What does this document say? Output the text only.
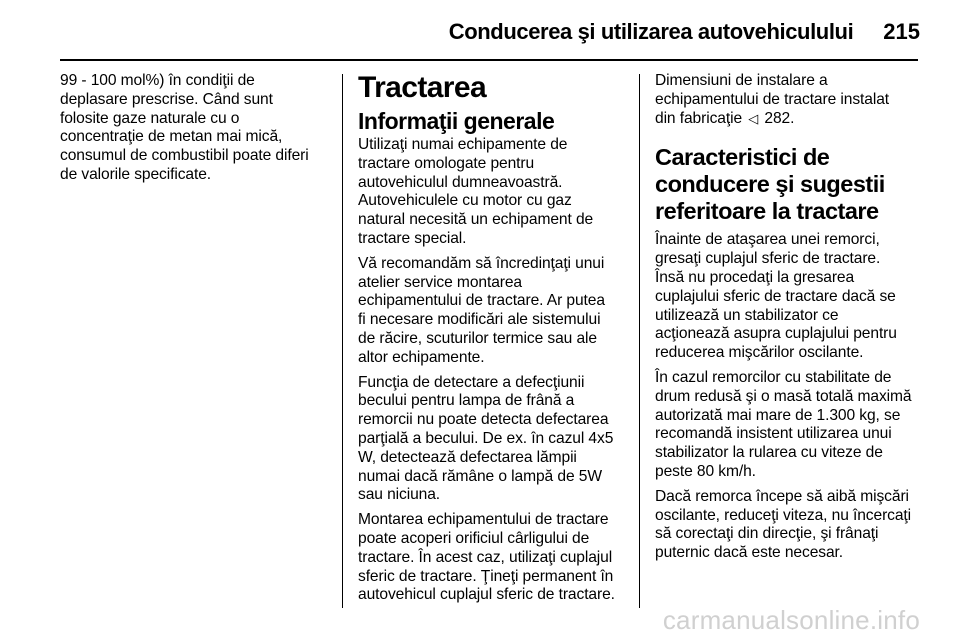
Conducerea şi utilizarea autovehiculului 215

99 - 100 mol%) în condiţii de
deplasare prescrise. Când sunt
folosite gaze naturale cu o
concentraţie de metan mai mică,
consumul de combustibil poate diferi
de valorile specificate.

Tractarea
Informaţii generale

Utilizaţi numai echipamente de
tractare omologate pentru
autovehiculul dumneavoastră.
Autovehiculele cu motor cu gaz
natural necesită un echipament de
tractare special.

Vă recomandăm să încredinţaţi unui
atelier service montarea
echipamentului de tractare. Ar putea
fi necesare modificări ale sistemului
de răcire, scuturilor termice sau ale
altor echipamente.

Funcţia de detectare a defecţiunii
becului pentru lampa de frână a
remorcii nu poate detecta defectarea
parţială a becului. De ex. în cazul 4x5
W, detectează defectarea lămpii
numai dacă rămâne o lampă de 5W
sau niciuna.

Montarea echipamentului de tractare
poate acoperi orificiul cârligului de
tractare. În acest caz, utilizaţi cuplajul
sferic de tractare. Ţineţi permanent în
autovehicul cuplajul sferic de tractare.

Dimensiuni de instalare a
echipamentului de tractare instalat
din fabricaţie ◁ 282.

Caracteristici de
conducere şi sugestii
referitoare la tractare

Înainte de ataşarea unei remorci,
gresaţi cuplajul sferic de tractare.
Însă nu procedaţi la gresarea
cuplajului sferic de tractare dacă se
utilizează un stabilizator ce
acţionează asupra cuplajului pentru
reducerea mişcărilor oscilante.

În cazul remorcilor cu stabilitate de
drum redusă şi o masă totală maximă
autorizată mai mare de 1.300 kg, se
recomandă insistent utilizarea unui
stabilizator la rularea cu viteze de
peste 80 km/h.

Dacă remorca începe să aibă mişcări
oscilante, reduceţi viteza, nu încercaţi
să corectaţi din direcţie, şi frânaţi
puternic dacă este necesar.

carmanualsonline.info
